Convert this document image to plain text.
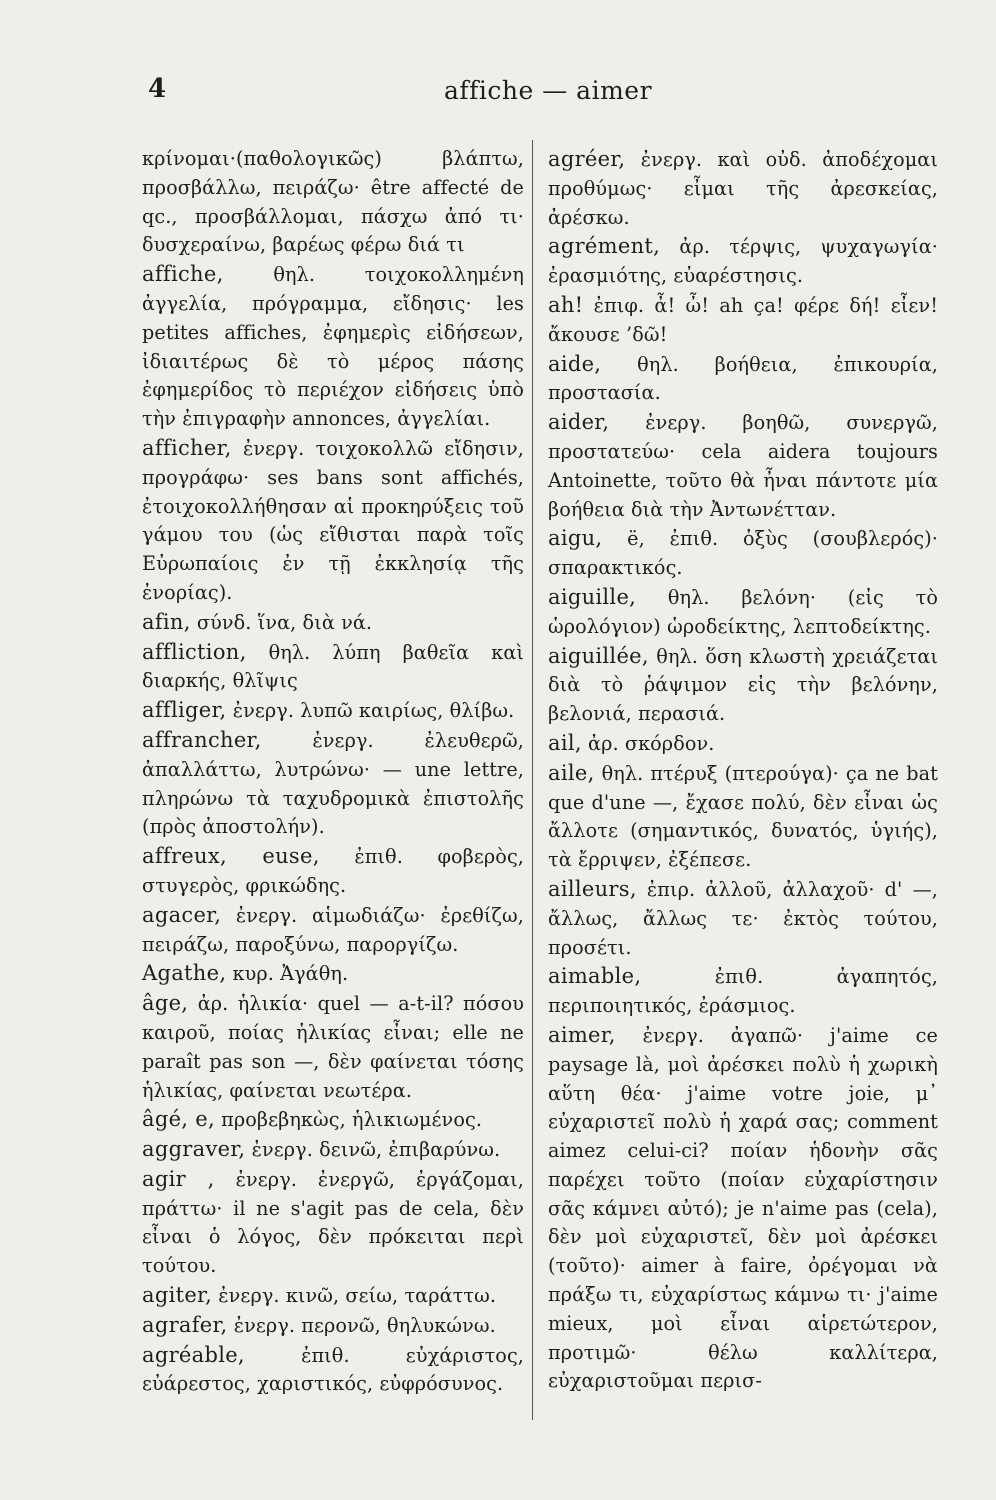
4	affiche — aimer

κρίνομαι·(παθολογικῶς) βλάπτω, προσβάλλω, πειράζω· être affecté de qc., προσβάλλομαι, πάσχω ἀπό τι· δυσχεραίνω, βαρέως φέρω διά τι

affiche,	θηλ. τοιχοκολλημένη ἀγγελία, πρόγραμμα, εἴδησις· les petites affiches, ἐφημερὶς εἰδήσεων, ἰδιαιτέρως δὲ τὸ μέρος πάσης ἐφημερίδος τὸ περιέχον εἰδήσεις ὑπὸ τὴν ἐπιγραφὴν annonces, ἀγγελίαι.

afficher, ἐνεργ. τοιχοκολλῶ εἴδησιν, προγράφω· ses bans sont affichés, ἐτοιχοκολλήθησαν αἱ προκηρύξεις τοῦ γάμου του (ὡς εἴθισται παρὰ τοῖς Εὐρωπαίοις ἐν τῇ ἐκκλησίᾳ τῆς ἐνορίας).

afin, σύνδ. ἵνα, διὰ νά.

affliction, θηλ. λύπη βαθεῖα καὶ διαρκής, θλῖψις

affliger, ἐνεργ. λυπῶ καιρίως, θλίβω.

affrancher,	ἐνεργ. ἐλευθερῶ, ἀπαλλάττω, λυτρώνω· — une lettre, πληρώνω τὰ ταχυδρομικὰ ἐπιστολῆς (πρὸς ἀποστολήν).

affreux, euse, ἐπιθ. φοβερὸς, στυγερὸς, φρικώδης.

agacer, ἐνεργ. αἱμωδιάζω· ἐρεθίζω, πειράζω, παροξύνω, παροργίζω.

Agathe, κυρ. Ἀγάθη.

âge, ἀρ. ἡλικία· quel — a-t-il? πόσου καιροῦ, ποίας ἡλικίας εἶναι; elle ne paraît pas son —, δὲν φαίνεται τόσης ἡλικίας, φαίνεται νεωτέρα.

âgé, e, προβεβηκὼς, ἡλικιωμένος.

aggraver, ἐνεργ. δεινῶ, ἐπιβαρύνω.

agir , ἐνεργ. ἐνεργῶ, ἐργάζομαι, πράττω· il ne s'agit pas de cela, δὲν εἶναι ὁ λόγος, δὲν πρόκειται περὶ τούτου.

agiter, ἐνεργ. κινῶ, σείω, ταράττω.

agrafer, ἐνεργ. περονῶ, θηλυκώνω.

agréable,	ἐπιθ. εὐχάριστος, εὐάρεστος, χαριστικός, εὐφρόσυνος.

agréer, ἐνεργ. καὶ οὐδ. ἀποδέχομαι προθύμως· εἶμαι τῆς ἀρεσκείας, ἀρέσκω.

agrément, ἀρ. τέρψις, ψυχαγωγία· ἐρασμιότης, εὐαρέστησις.

ah! ἐπιφ. ἆ! ὦ! ah ça! φέρε δή! εἶεν! ἄκουσε ’δῶ!

aide, θηλ. βοήθεια, ἐπικουρία, προστασία.

aider, ἐνεργ. βοηθῶ, συνεργῶ, προστατεύω· cela aidera toujours Antoinette, τοῦτο θὰ ἦναι πάντοτε μία βοήθεια διὰ τὴν Ἀντωνέτταν.

aigu, ë, ἐπιθ. ὀξὺς (σουβλερός)· σπαρακτικός.

aiguille, θηλ. βελόνη· (εἰς τὸ ὡρολόγιον) ὡροδείκτης, λεπτοδείκτης.

aiguillée, θηλ. ὅση κλωστὴ χρειάζεται διὰ τὸ ῥάψιμον εἰς τὴν βελόνην, βελονιά, περασιά.

ail, ἀρ. σκόρδον.

aile, θηλ. πτέρυξ (πτερούγα)· ça ne bat que d'une —, ἔχασε πολύ, δὲν εἶναι ὡς ἄλλοτε (σημαντικός, δυνατός, ὑγιής), τὰ ἔρριψεν, ἐξέπεσε.

ailleurs, ἐπιρ. ἀλλοῦ, ἀλλαχοῦ· d' —, ἄλλως, ἄλλως τε· ἐκτὸς τούτου, προσέτι.

aimable,	ἐπιθ. ἀγαπητός, περιποιητικός, ἐράσμιος.

aimer, ἐνεργ. ἀγαπῶ· j'aime ce paysage là, μοὶ ἀρέσκει πολὺ ἡ χωρικὴ αὕτη θέα· j'aime votre joie, μ᾽ εὐχαριστεῖ πολὺ ἡ χαρά σας; comment aimez celui-ci? ποίαν ἡδονὴν σᾶς παρέχει τοῦτο (ποίαν εὐχαρίστησιν σᾶς κάμνει αὐτό); je n'aime pas (cela), δὲν μοὶ εὐχαριστεῖ, δὲν μοὶ ἀρέσκει (τοῦτο)· aimer à faire, ὀρέγομαι νὰ πράξω τι, εὐχαρίστως κάμνω τι· j'aime mieux, μοὶ εἶναι αἱρετώτερον, προτιμῶ· θέλω καλλίτερα, εὐχαριστοῦμαι περισ-
